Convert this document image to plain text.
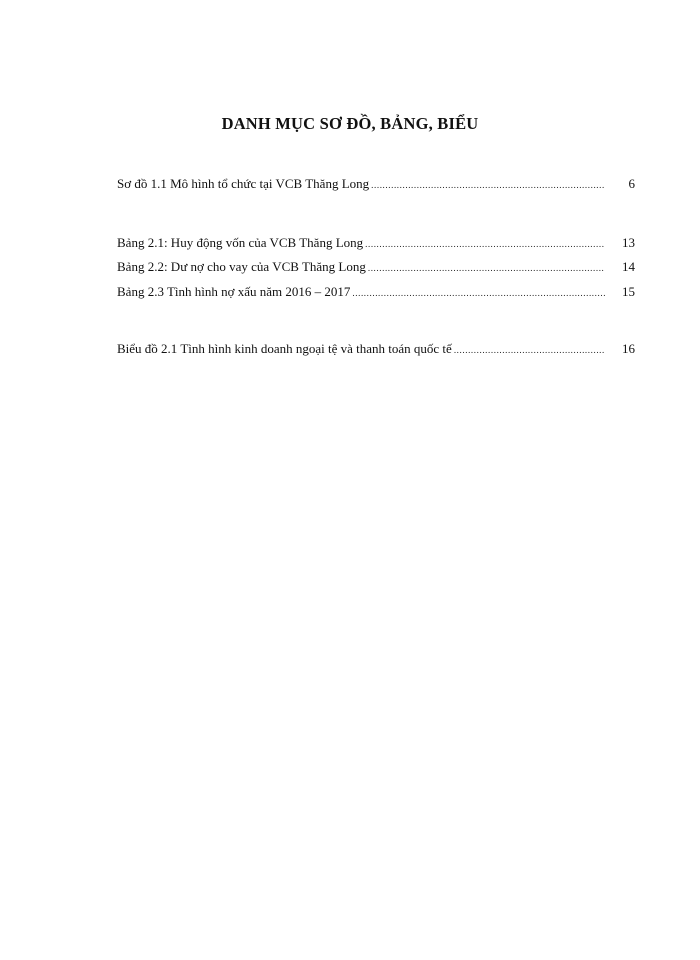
DANH MỤC SƠ ĐỒ, BẢNG, BIỂU
Sơ đồ 1.1 Mô hình tổ chức tại VCB Thăng Long .....	6
Bảng 2.1: Huy động vốn của VCB Thăng Long .....	13
Bảng 2.2: Dư nợ cho vay của VCB Thăng Long .....	14
Bảng 2.3 Tình hình nợ xấu năm 2016 – 2017 .....	15
Biểu đồ 2.1 Tình hình kinh doanh ngoại tệ và thanh toán quốc tế .....	16
